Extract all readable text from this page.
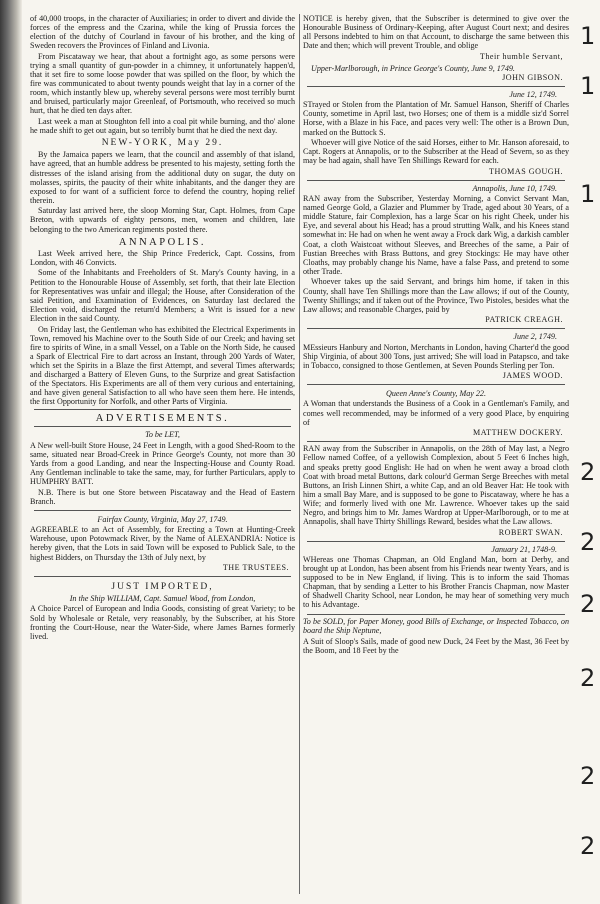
of 40,000 troops, in the character of Auxiliaries; in order to divert and divide the forces of the empress and the Czarina, while the king of Prussia forces the election of the dutchy of Courland in favour of his brother, and the king of Sweden recovers the Provinces of Finland and Livonia.

From Piscataway we hear, that about a fortnight ago, as some persons were trying a small quantity of gun-powder in a chimney, it unfortunately happen'd, that it set fire to some loose powder that was spilled on the floor, by which the fire was communicated to about twenty pounds weight that lay in a corner of the room, which instantly blew up, whereby several persons were most terribly burnt and bruised, particularly major Greenleaf, of Portsmouth, who received so much hurt, that he died ten days after.

Last week a man at Stoughton fell into a coal pit while burning, and tho' alone he made shift to get out again, but so terribly burnt that he died the next day.

NEW-YORK, May 29.

By the Jamaica papers we learn, that the council and assembly of that island, have agreed, that an humble address be presented to his majesty, setting forth the distresses of the island arising from the additional duty on sugar, the duty on molasses, spirits, the paucity of their white inhabitants, and the danger they are exposed to for want of a sufficient force to defend the country, hoping relief therein.

Saturday last arrived here, the sloop Morning Star, Capt. Holmes, from Cape Breton, with upwards of eighty persons, men, women and children, late belonging to the two American regiments posted there.

ANNAPOLIS.

Last Week arrived here, the Ship Prince Frederick, Capt. Cossins, from London, with 46 Convicts.

Some of the Inhabitants and Freeholders of St. Mary's County having, in a Petition to the Honourable House of Assembly, set forth, that their late Election for Representatives was unfair and illegal; the House, after Consideration of the said Petition, and Examination of Evidences, on Saturday last declared the Election void, discharged the return'd Members; a Writ is issued for a new Election in the said County.

On Friday last, the Gentleman who has exhibited the Electrical Experiments in Town, removed his Machine over to the South Side of our Creek; and having set fire to spirits of Wine, in a small Vessel, on a Table on the North Side, he caused a Spark of Electrical Fire to dart across an Instant, through 200 Yards of Water, which set the Spirits in a Blaze the first Attempt, and several Times afterwards; and discharged a Battery of Eleven Guns, to the Surprize and great Satisfaction of the Spectators. His Experiments are all of them very curious and entertaining, and have given general Satisfaction to all who have seen them here. He intends, the first Opportunity for Norfolk, and other Parts of Virginia.

ADVERTISEMENTS.
To be LET,

A New well-built Store House, 24 Feet in Length, with a good Shed-Room to the same, situated near Broad-Creek in Prince George's County, not more than 30 Yards from a good Landing, and near the Inspecting-House and County Road. Any Gentleman inclinable to take the same, may, for further Particulars, apply to HUMPHRY BATT.

N.B. There is but one Store between Piscataway and the Head of Eastern Branch.

Fairfax County, Virginia, May 27, 1749.

AGREEABLE to an Act of Assembly, for Erecting a Town at Hunting-Creek Warehouse, upon Potowmack River, by the Name of ALEXANDRIA: Notice is hereby given, that the Lots in said Town will be exposed to Publick Sale, to the highest Bidders, on Thursday the 13th of July next, by

THE TRUSTEES.
JUST IMPORTED,
In the Ship WILLIAM, Capt. Samuel Wood, from London,

A Choice Parcel of European and India Goods, consisting of great Variety; to be Sold by Wholesale or Retale, very reasonably, by the Subscriber, at his Store fronting the Court-House, near the Water-Side, where James Barnes formerly lived.

NOTICE is hereby given, that the Subscriber is determined to give over the Honourable Business of Ordinary-Keeping, after August Court next; and desires all Persons indebted to him on that Account, to discharge the same between this Date and then; which will prevent Trouble, and oblige

Their humble Servant,
Upper-Marlborough, in Prince George's County, June 9, 1749.
JOHN GIBSON.
June 12, 1749.

STrayed or Stolen from the Plantation of Mr. Samuel Hanson, Sheriff of Charles County, sometime in April last, two Horses; one of them is a middle siz'd Sorrel Horse, with a Blaze in his Face, and paces very well: The other is a Brown Dun, marked on the Buttock S.

Whoever will give Notice of the said Horses, either to Mr. Hanson aforesaid, to Capt. Rogers at Annapolis, or to the Subscriber at the Head of Severn, so as they may be had again, shall have Ten Shillings Reward for each.

THOMAS GOUGH.
Annapolis, June 10, 1749.

RAN away from the Subscriber, Yesterday Morning, a Convict Servant Man, named George Gold, a Glazier and Plummer by Trade, aged about 30 Years, of a middle Stature, fair Complexion, has a large Scar on his right Cheek, under his Eye, and several about his Head; has a proud strutting Walk, and his Knees stand somewhat in: He had on when he went away a Frock dark Wig, a darkish cambler Coat, a cloth Waistcoat without Sleeves, and Breeches of the same, a Pair of Fustian Breeches with Brass Buttons, and grey Stockings: He may have other Cloaths, may probably change his Name, have a false Pass, and pretend to some other Trade.

Whoever takes up the said Servant, and brings him home, if taken in this County, shall have Ten Shillings more than the Law allows; if out of the County, Twenty Shillings; and if taken out of the Province, Two Pistoles, besides what the Law allows; and reasonable Charges, paid by

PATRICK CREAGH.
June 2, 1749.

MEssieurs Hanbury and Norton, Merchants in London, having Charter'd the good Ship Virginia, of about 300 Tons, just arrived; She will load in Patapsco, and take in Tobacco, consigned to those Gentlemen, at Seven Pounds Sterling per Ton.

JAMES WOOD.
Queen Anne's County, May 22.

A Woman that understands the Business of a Cook in a Gentleman's Family, and comes well recommended, may be informed of a very good Place, by enquiring of

MATTHEW DOCKERY.

RAN away from the Subscriber in Annapolis, on the 28th of May last, a Negro Fellow named Coffee, of a yellowish Complexion, about 5 Feet 6 Inches high, and speaks pretty good English: He had on when he went away a broad cloth Coat with broad metal Buttons, dark colour'd German Serge Breeches with metal Buttons, an Irish Linnen Shirt, a white Cap, and an old Beaver Hat: He took with him a small Bay Mare, and is supposed to be gone to Piscataway, where he has a Wife; and formerly lived with one Mr. Lawrence. Whoever takes up the said Negro, and brings him to Mr. James Wardrop at Upper-Marlborough, or to me at Annapolis, shall have Thirty Shillings Reward, besides what the Law allows.

ROBERT SWAN.
January 21, 1748-9.

WHereas one Thomas Chapman, an Old England Man, born at Derby, and brought up at London, has been absent from his Friends near twenty Years, and is supposed to be in New England, if living. This is to inform the said Thomas Chapman, that by sending a Letter to his Brother Francis Chapman, now Master of Shadwell Charity School, near London, he may hear of something very much to his Advantage.

To be SOLD, for Paper Money, good Bills of Exchange, or Inspected Tobacco, on board the Ship Neptune,

A Suit of Sloop's Sails, made of good new Duck, 24 Feet by the Mast, 36 Feet by the Boom, and 18 Feet by the

1
1
1
2
2
2
2
2
2
